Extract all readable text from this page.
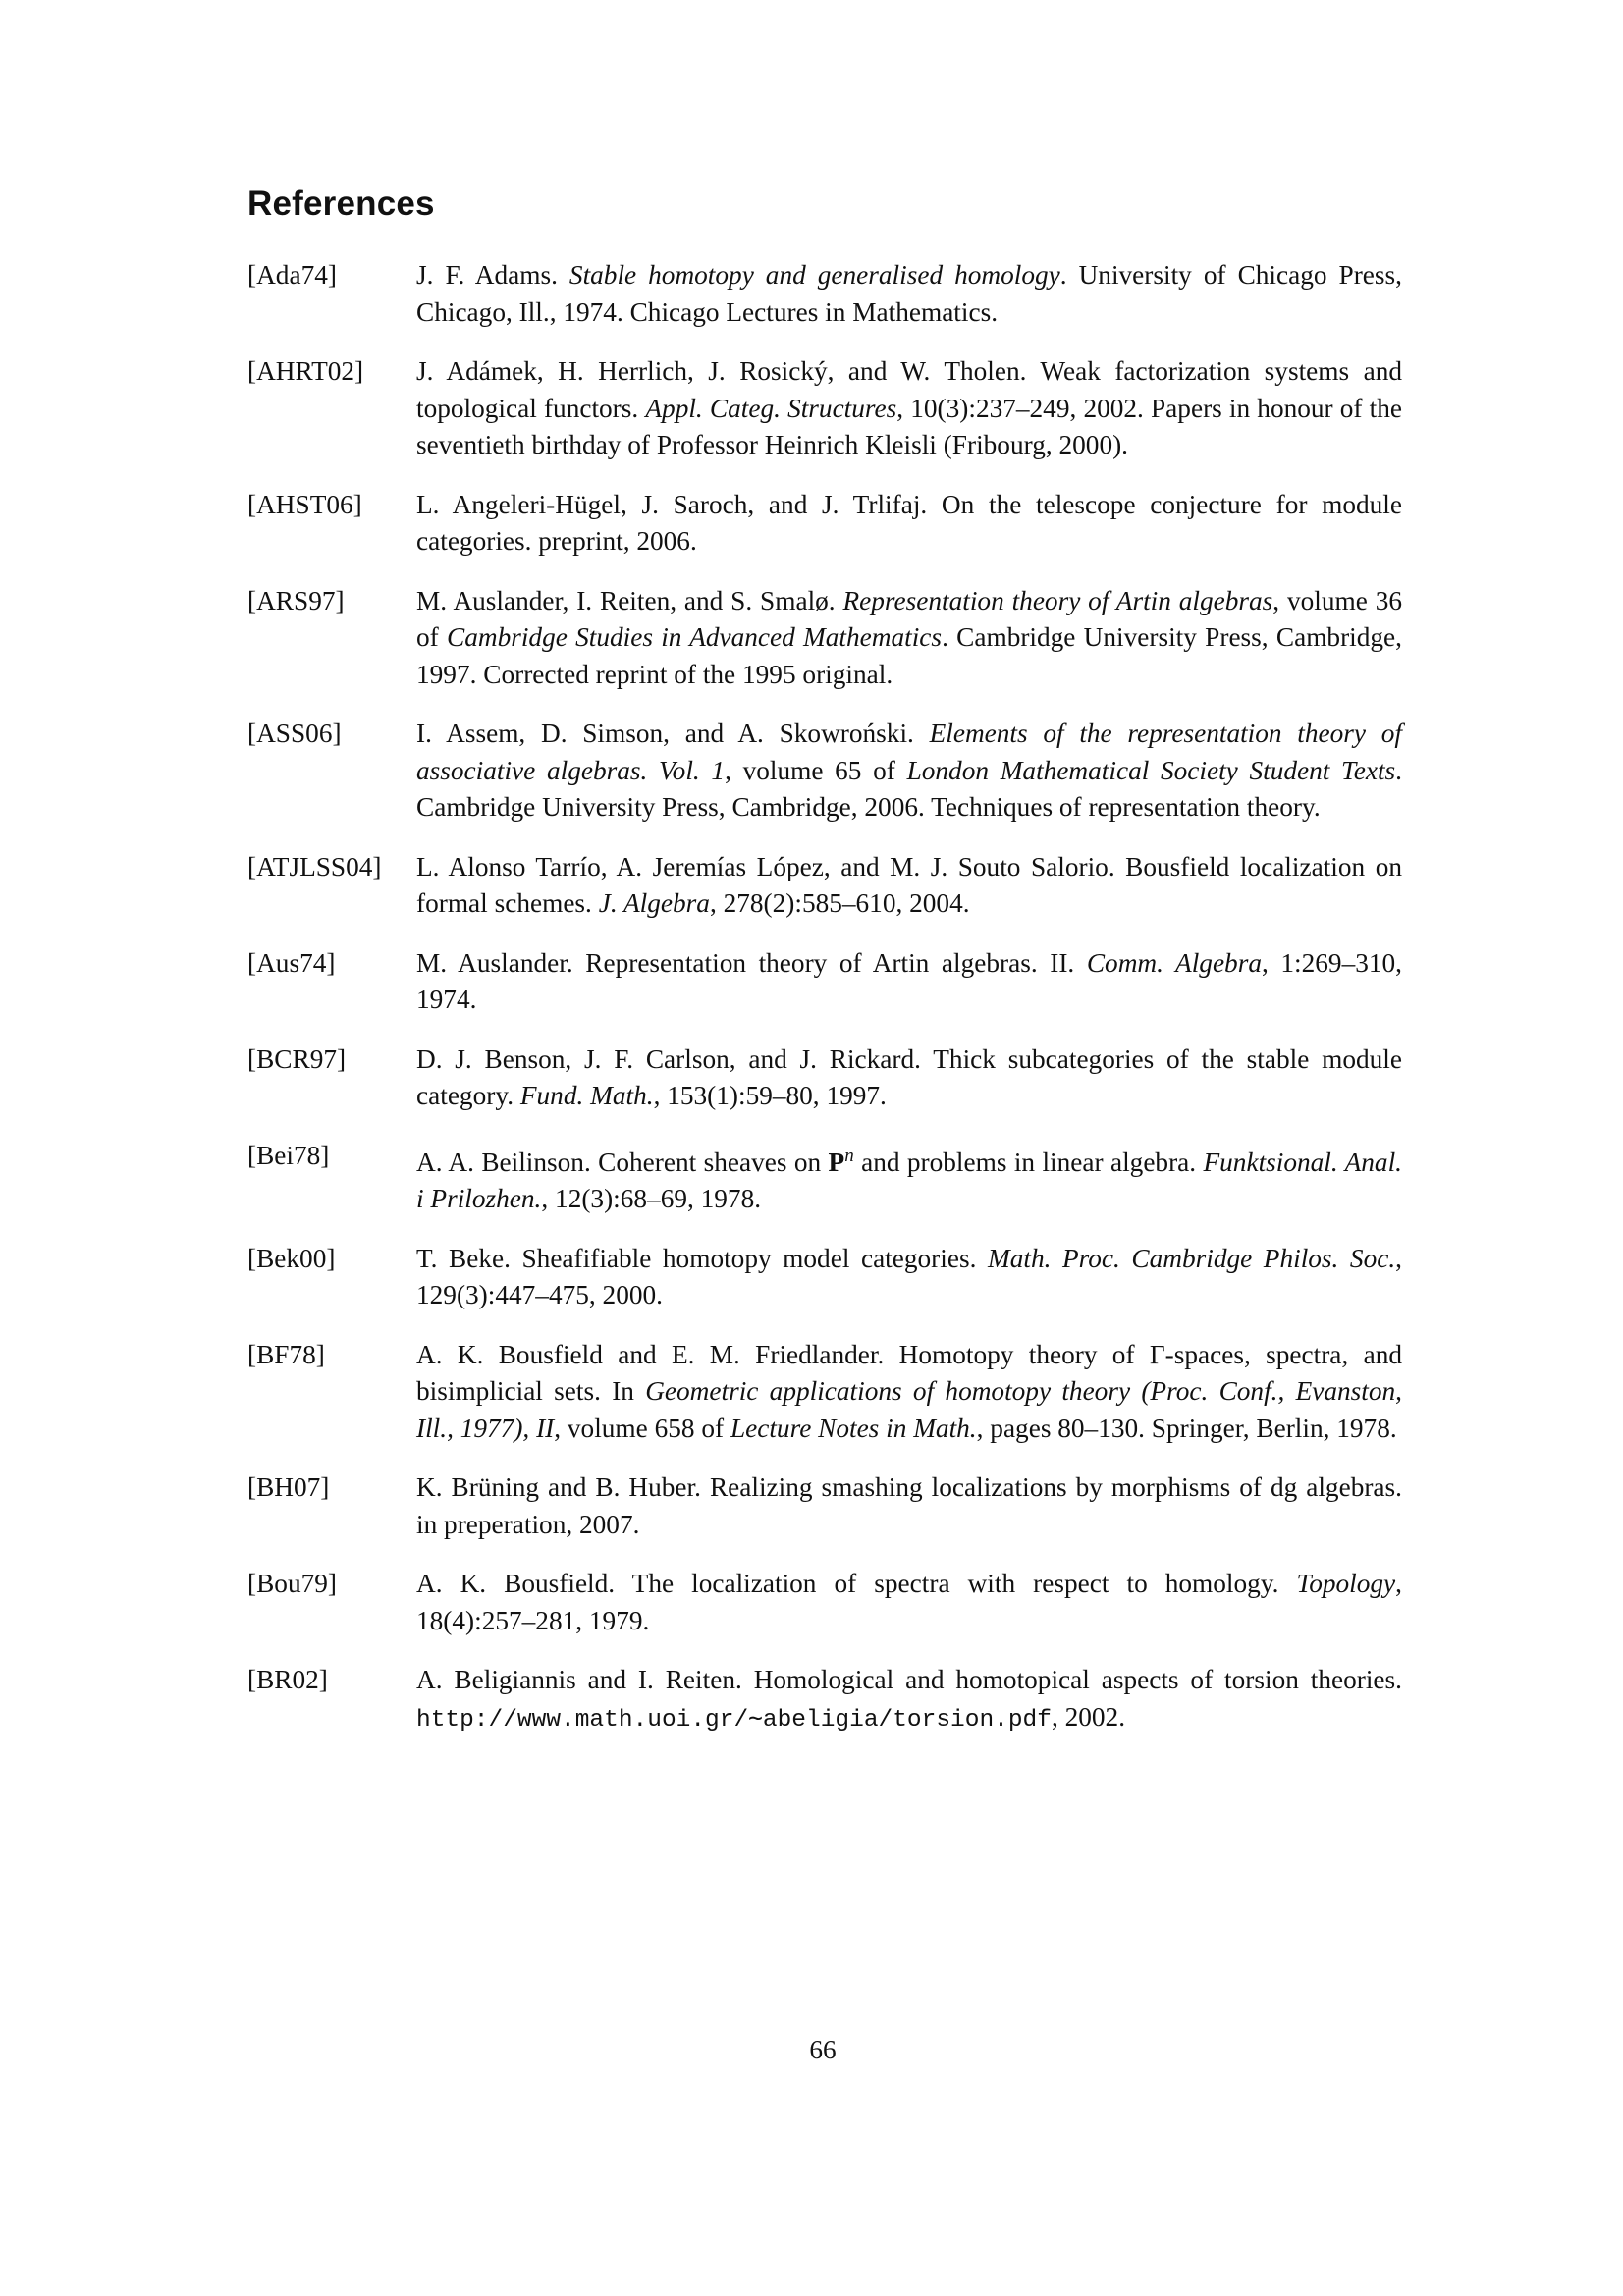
References
[Ada74]	J. F. Adams. Stable homotopy and generalised homology. University of Chicago Press, Chicago, Ill., 1974. Chicago Lectures in Mathematics.
[AHRT02] J. Adámek, H. Herrlich, J. Rosický, and W. Tholen. Weak factorization systems and topological functors. Appl. Categ. Structures, 10(3):237–249, 2002. Papers in honour of the seventieth birthday of Professor Heinrich Kleisli (Fribourg, 2000).
[AHST06] L. Angeleri-Hügel, J. Saroch, and J. Trlifaj. On the telescope conjecture for module categories. preprint, 2006.
[ARS97]	M. Auslander, I. Reiten, and S. Smalø. Representation theory of Artin algebras, volume 36 of Cambridge Studies in Advanced Mathematics. Cambridge University Press, Cambridge, 1997. Corrected reprint of the 1995 original.
[ASS06]	I. Assem, D. Simson, and A. Skowroński. Elements of the representation theory of associative algebras. Vol. 1, volume 65 of London Mathematical Society Student Texts. Cambridge University Press, Cambridge, 2006. Techniques of representation theory.
[ATJLSS04] L. Alonso Tarrío, A. Jeremías López, and M. J. Souto Salorio. Bousfield localization on formal schemes. J. Algebra, 278(2):585–610, 2004.
[Aus74]	M. Auslander. Representation theory of Artin algebras. II. Comm. Algebra, 1:269–310, 1974.
[BCR97]	D. J. Benson, J. F. Carlson, and J. Rickard. Thick subcategories of the stable module category. Fund. Math., 153(1):59–80, 1997.
[Bei78]	A. A. Beilinson. Coherent sheaves on $P^n$ and problems in linear algebra. Funktsional. Anal. i Prilozhen., 12(3):68–69, 1978.
[Bek00]	T. Beke. Sheafifiable homotopy model categories. Math. Proc. Cambridge Philos. Soc., 129(3):447–475, 2000.
[BF78]	A. K. Bousfield and E. M. Friedlander. Homotopy theory of Γ-spaces, spectra, and bisimplicial sets. In Geometric applications of homotopy theory (Proc. Conf., Evanston, Ill., 1977), II, volume 658 of Lecture Notes in Math., pages 80–130. Springer, Berlin, 1978.
[BH07]	K. Brüning and B. Huber. Realizing smashing localizations by morphisms of dg algebras. in preperation, 2007.
[Bou79]	A. K. Bousfield. The localization of spectra with respect to homology. Topology, 18(4):257–281, 1979.
[BR02]	A. Beligiannis and I. Reiten. Homological and homotopical aspects of torsion theories. http://www.math.uoi.gr/∼abeligia/torsion.pdf, 2002.
66
